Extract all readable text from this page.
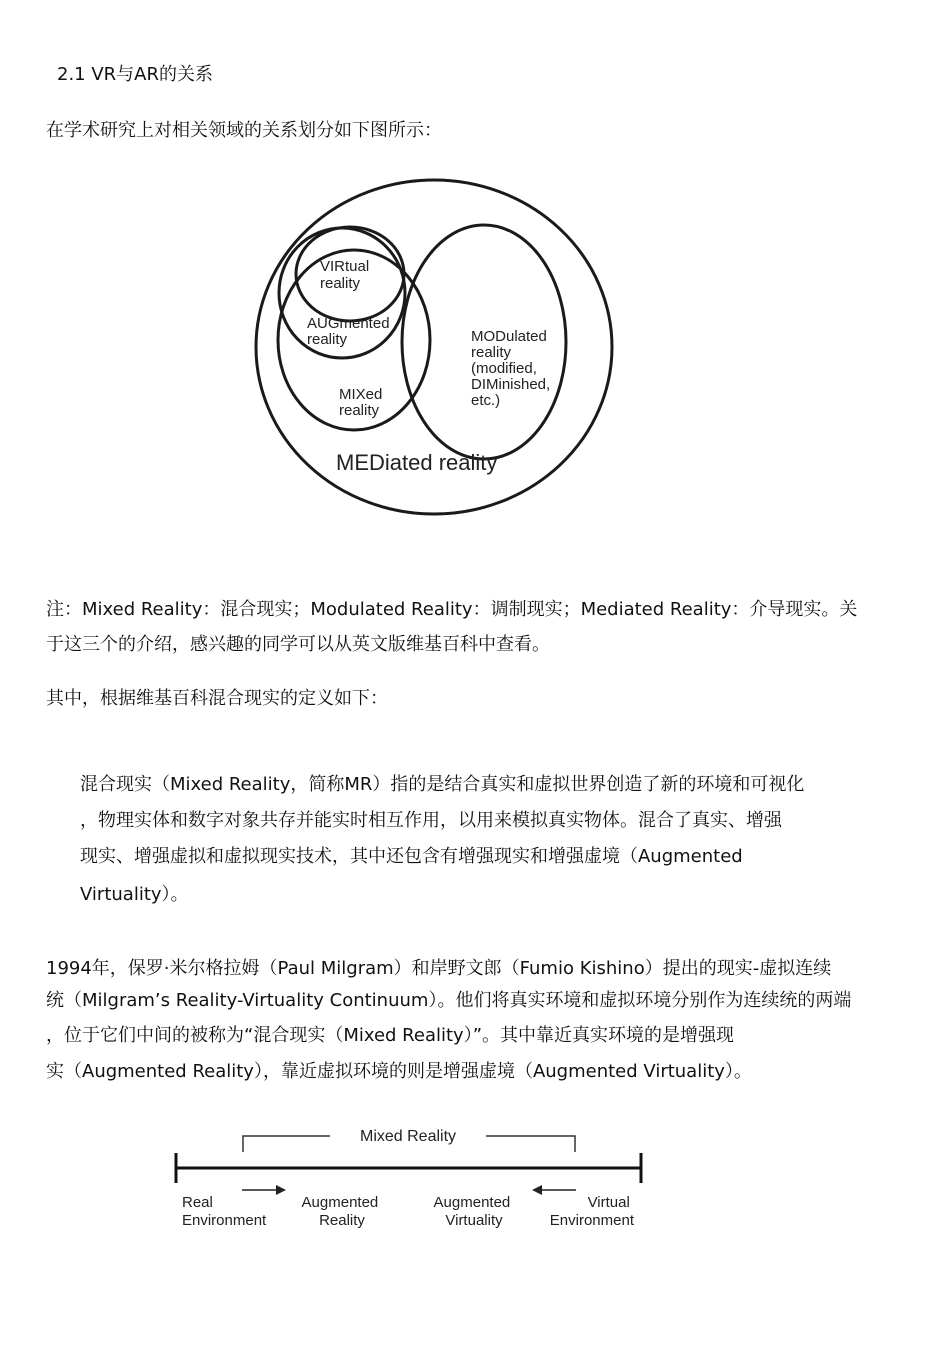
2.1 VR与AR的关系
在学术研究上对相关领域的关系划分如下图所示：
VIRtual reality
AUGmented reality	MODulated reality (modified, DIMinished, etc.)
MIXed reality
MEDiated reality
注：Mixed Reality：混合现实；Modulated Reality：调制现实；Mediated Reality：介导现实。关
于这三个的介绍，感兴趣的同学可以从英文版维基百科中查看。
其中，根据维基百科混合现实的定义如下：
混合现实（Mixed Reality，简称MR）指的是结合真实和虚拟世界创造了新的环境和可视化
，物理实体和数字对象共存并能实时相互作用，以用来模拟真实物体。混合了真实、增强
现实、增强虚拟和虚拟现实技术，其中还包含有增强现实和增强虚境（Augmented
Virtuality）。
1994年，保罗·米尔格拉姆（Paul Milgram）和岸野文郎（Fumio Kishino）提出的现实-虚拟连续
统（Milgram’s Reality-Virtuality Continuum）。他们将真实环境和虚拟环境分别作为连续统的两端
，位于它们中间的被称为“混合现实（Mixed Reality）”。其中靠近真实环境的是增强现
实（Augmented Reality），靠近虚拟环境的则是增强虚境（Augmented Virtuality）。
Mixed Reality
Real Environment
Augmented Reality
Augmented Virtuality
Virtual Environment
